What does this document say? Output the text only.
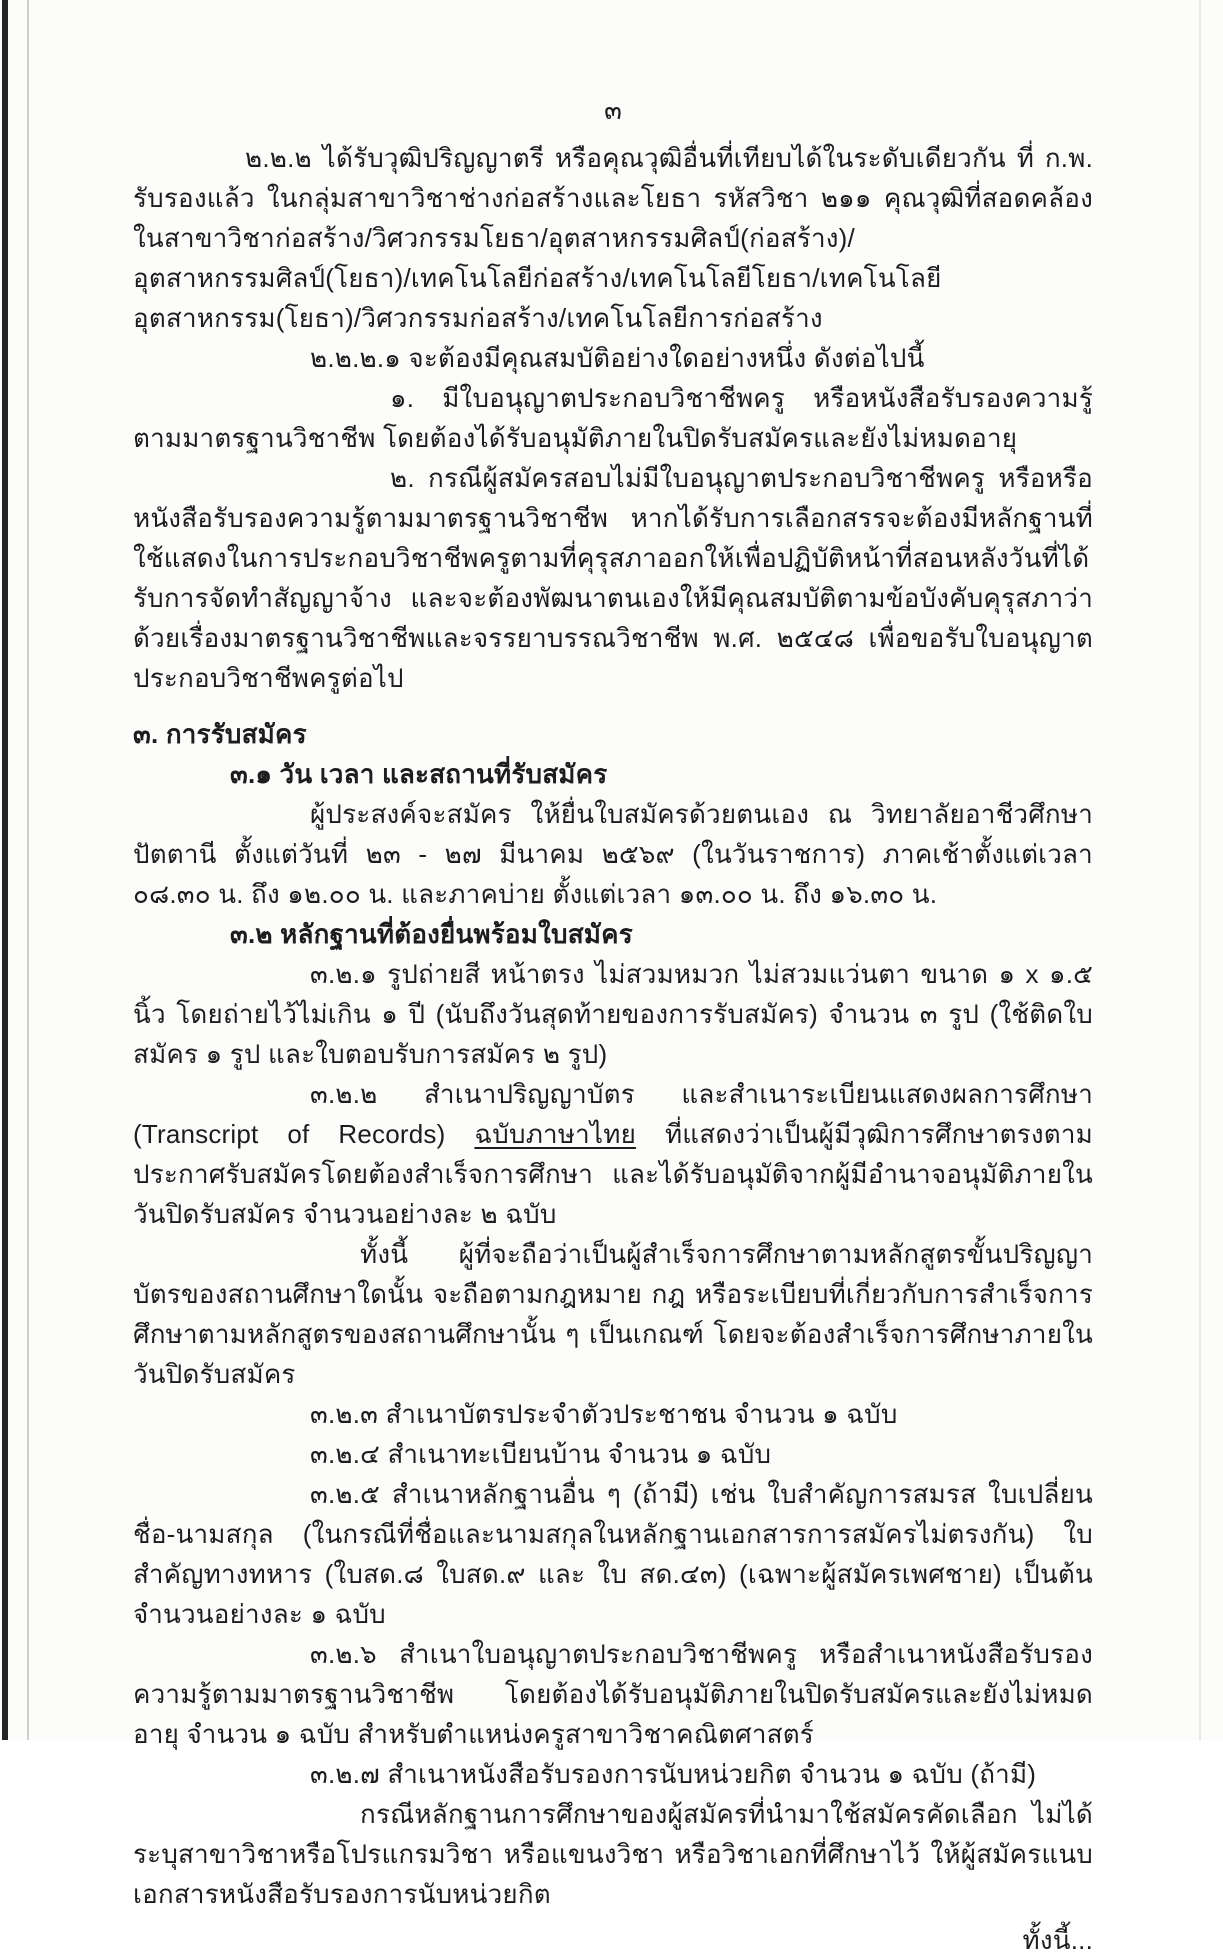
๓

๒.๒.๒ ได้รับวุฒิปริญญาตรี หรือคุณวุฒิอื่นที่เทียบได้ในระดับเดียวกัน ที่ ก.พ. รับรองแล้ว ในกลุ่มสาขาวิชาช่างก่อสร้างและโยธา รหัสวิชา ๒๑๑ คุณวุฒิที่สอดคล้อง ในสาขาวิชาก่อสร้าง/วิศวกรรมโยธา/อุตสาหกรรมศิลป์(ก่อสร้าง)/อุตสาหกรรมศิลป์(โยธา)/เทคโนโลยีก่อสร้าง/เทคโนโลยีโยธา/เทคโนโลยีอุตสาหกรรม(โยธา)/วิศวกรรมก่อสร้าง/เทคโนโลยีการก่อสร้าง

๒.๒.๒.๑ จะต้องมีคุณสมบัติอย่างใดอย่างหนึ่ง ดังต่อไปนี้

๑. มีใบอนุญาตประกอบวิชาชีพครู หรือหนังสือรับรองความรู้ตามมาตรฐานวิชาชีพ โดยต้องได้รับอนุมัติภายในปิดรับสมัครและยังไม่หมดอายุ

๒. กรณีผู้สมัครสอบไม่มีใบอนุญาตประกอบวิชาชีพครู หรือหรือหนังสือรับรองความรู้ตามมาตรฐานวิชาชีพ หากได้รับการเลือกสรรจะต้องมีหลักฐานที่ใช้แสดงในการประกอบวิชาชีพครูตามที่คุรุสภาออกให้เพื่อปฏิบัติหน้าที่สอนหลังวันที่ได้รับการจัดทำสัญญาจ้าง และจะต้องพัฒนาตนเองให้มีคุณสมบัติตามข้อบังคับคุรุสภาว่าด้วยเรื่องมาตรฐานวิชาชีพและจรรยาบรรณวิชาชีพ พ.ศ. ๒๕๔๘ เพื่อขอรับใบอนุญาตประกอบวิชาชีพครูต่อไป

๓. การรับสมัคร

๓.๑ วัน เวลา และสถานที่รับสมัคร

ผู้ประสงค์จะสมัคร ให้ยื่นใบสมัครด้วยตนเอง ณ วิทยาลัยอาชีวศึกษาปัตตานี ตั้งแต่วันที่ ๒๓ - ๒๗ มีนาคม ๒๕๖๙ (ในวันราชการ) ภาคเช้าตั้งแต่เวลา ๐๘.๓๐ น. ถึง ๑๒.๐๐ น. และภาคบ่าย ตั้งแต่เวลา ๑๓.๐๐ น. ถึง ๑๖.๓๐ น.

๓.๒ หลักฐานที่ต้องยื่นพร้อมใบสมัคร

๓.๒.๑ รูปถ่ายสี หน้าตรง ไม่สวมหมวก ไม่สวมแว่นตา ขนาด ๑ x ๑.๕ นิ้ว โดยถ่ายไว้ไม่เกิน ๑ ปี (นับถึงวันสุดท้ายของการรับสมัคร) จำนวน ๓ รูป (ใช้ติดใบสมัคร ๑ รูป และใบตอบรับการสมัคร ๒ รูป)

๓.๒.๒ สำเนาปริญญาบัตร และสำเนาระเบียนแสดงผลการศึกษา (Transcript of Records) ฉบับภาษาไทย ที่แสดงว่าเป็นผู้มีวุฒิการศึกษาตรงตามประกาศรับสมัครโดยต้องสำเร็จการศึกษา และได้รับอนุมัติจากผู้มีอำนาจอนุมัติภายในวันปิดรับสมัคร จำนวนอย่างละ ๒ ฉบับ

ทั้งนี้ ผู้ที่จะถือว่าเป็นผู้สำเร็จการศึกษาตามหลักสูตรขั้นปริญญาบัตรของสถานศึกษาใดนั้น จะถือตามกฎหมาย กฎ หรือระเบียบที่เกี่ยวกับการสำเร็จการศึกษาตามหลักสูตรของสถานศึกษานั้น ๆ เป็นเกณฑ์ โดยจะต้องสำเร็จการศึกษาภายในวันปิดรับสมัคร

๓.๒.๓ สำเนาบัตรประจำตัวประชาชน จำนวน ๑ ฉบับ

๓.๒.๔ สำเนาทะเบียนบ้าน จำนวน ๑ ฉบับ

๓.๒.๕ สำเนาหลักฐานอื่น ๆ (ถ้ามี) เช่น ใบสำคัญการสมรส ใบเปลี่ยนชื่อ-นามสกุล (ในกรณีที่ชื่อและนามสกุลในหลักฐานเอกสารการสมัครไม่ตรงกัน) ใบสำคัญทางทหาร (ใบสด.๘ ใบสด.๙ และ ใบ สด.๔๓) (เฉพาะผู้สมัครเพศชาย) เป็นต้น จำนวนอย่างละ ๑ ฉบับ

๓.๒.๖ สำเนาใบอนุญาตประกอบวิชาชีพครู หรือสำเนาหนังสือรับรองความรู้ตามมาตรฐานวิชาชีพ โดยต้องได้รับอนุมัติภายในปิดรับสมัครและยังไม่หมดอายุ จำนวน ๑ ฉบับ สำหรับตำแหน่งครูสาขาวิชาคณิตศาสตร์

๓.๒.๗ สำเนาหนังสือรับรองการนับหน่วยกิต จำนวน ๑ ฉบับ (ถ้ามี)

กรณีหลักฐานการศึกษาของผู้สมัครที่นำมาใช้สมัครคัดเลือก ไม่ได้ระบุสาขาวิชาหรือโปรแกรมวิชา หรือแขนงวิชา หรือวิชาเอกที่ศึกษาไว้ ให้ผู้สมัครแนบเอกสารหนังสือรับรองการนับหน่วยกิต

ทั้งนี้...
